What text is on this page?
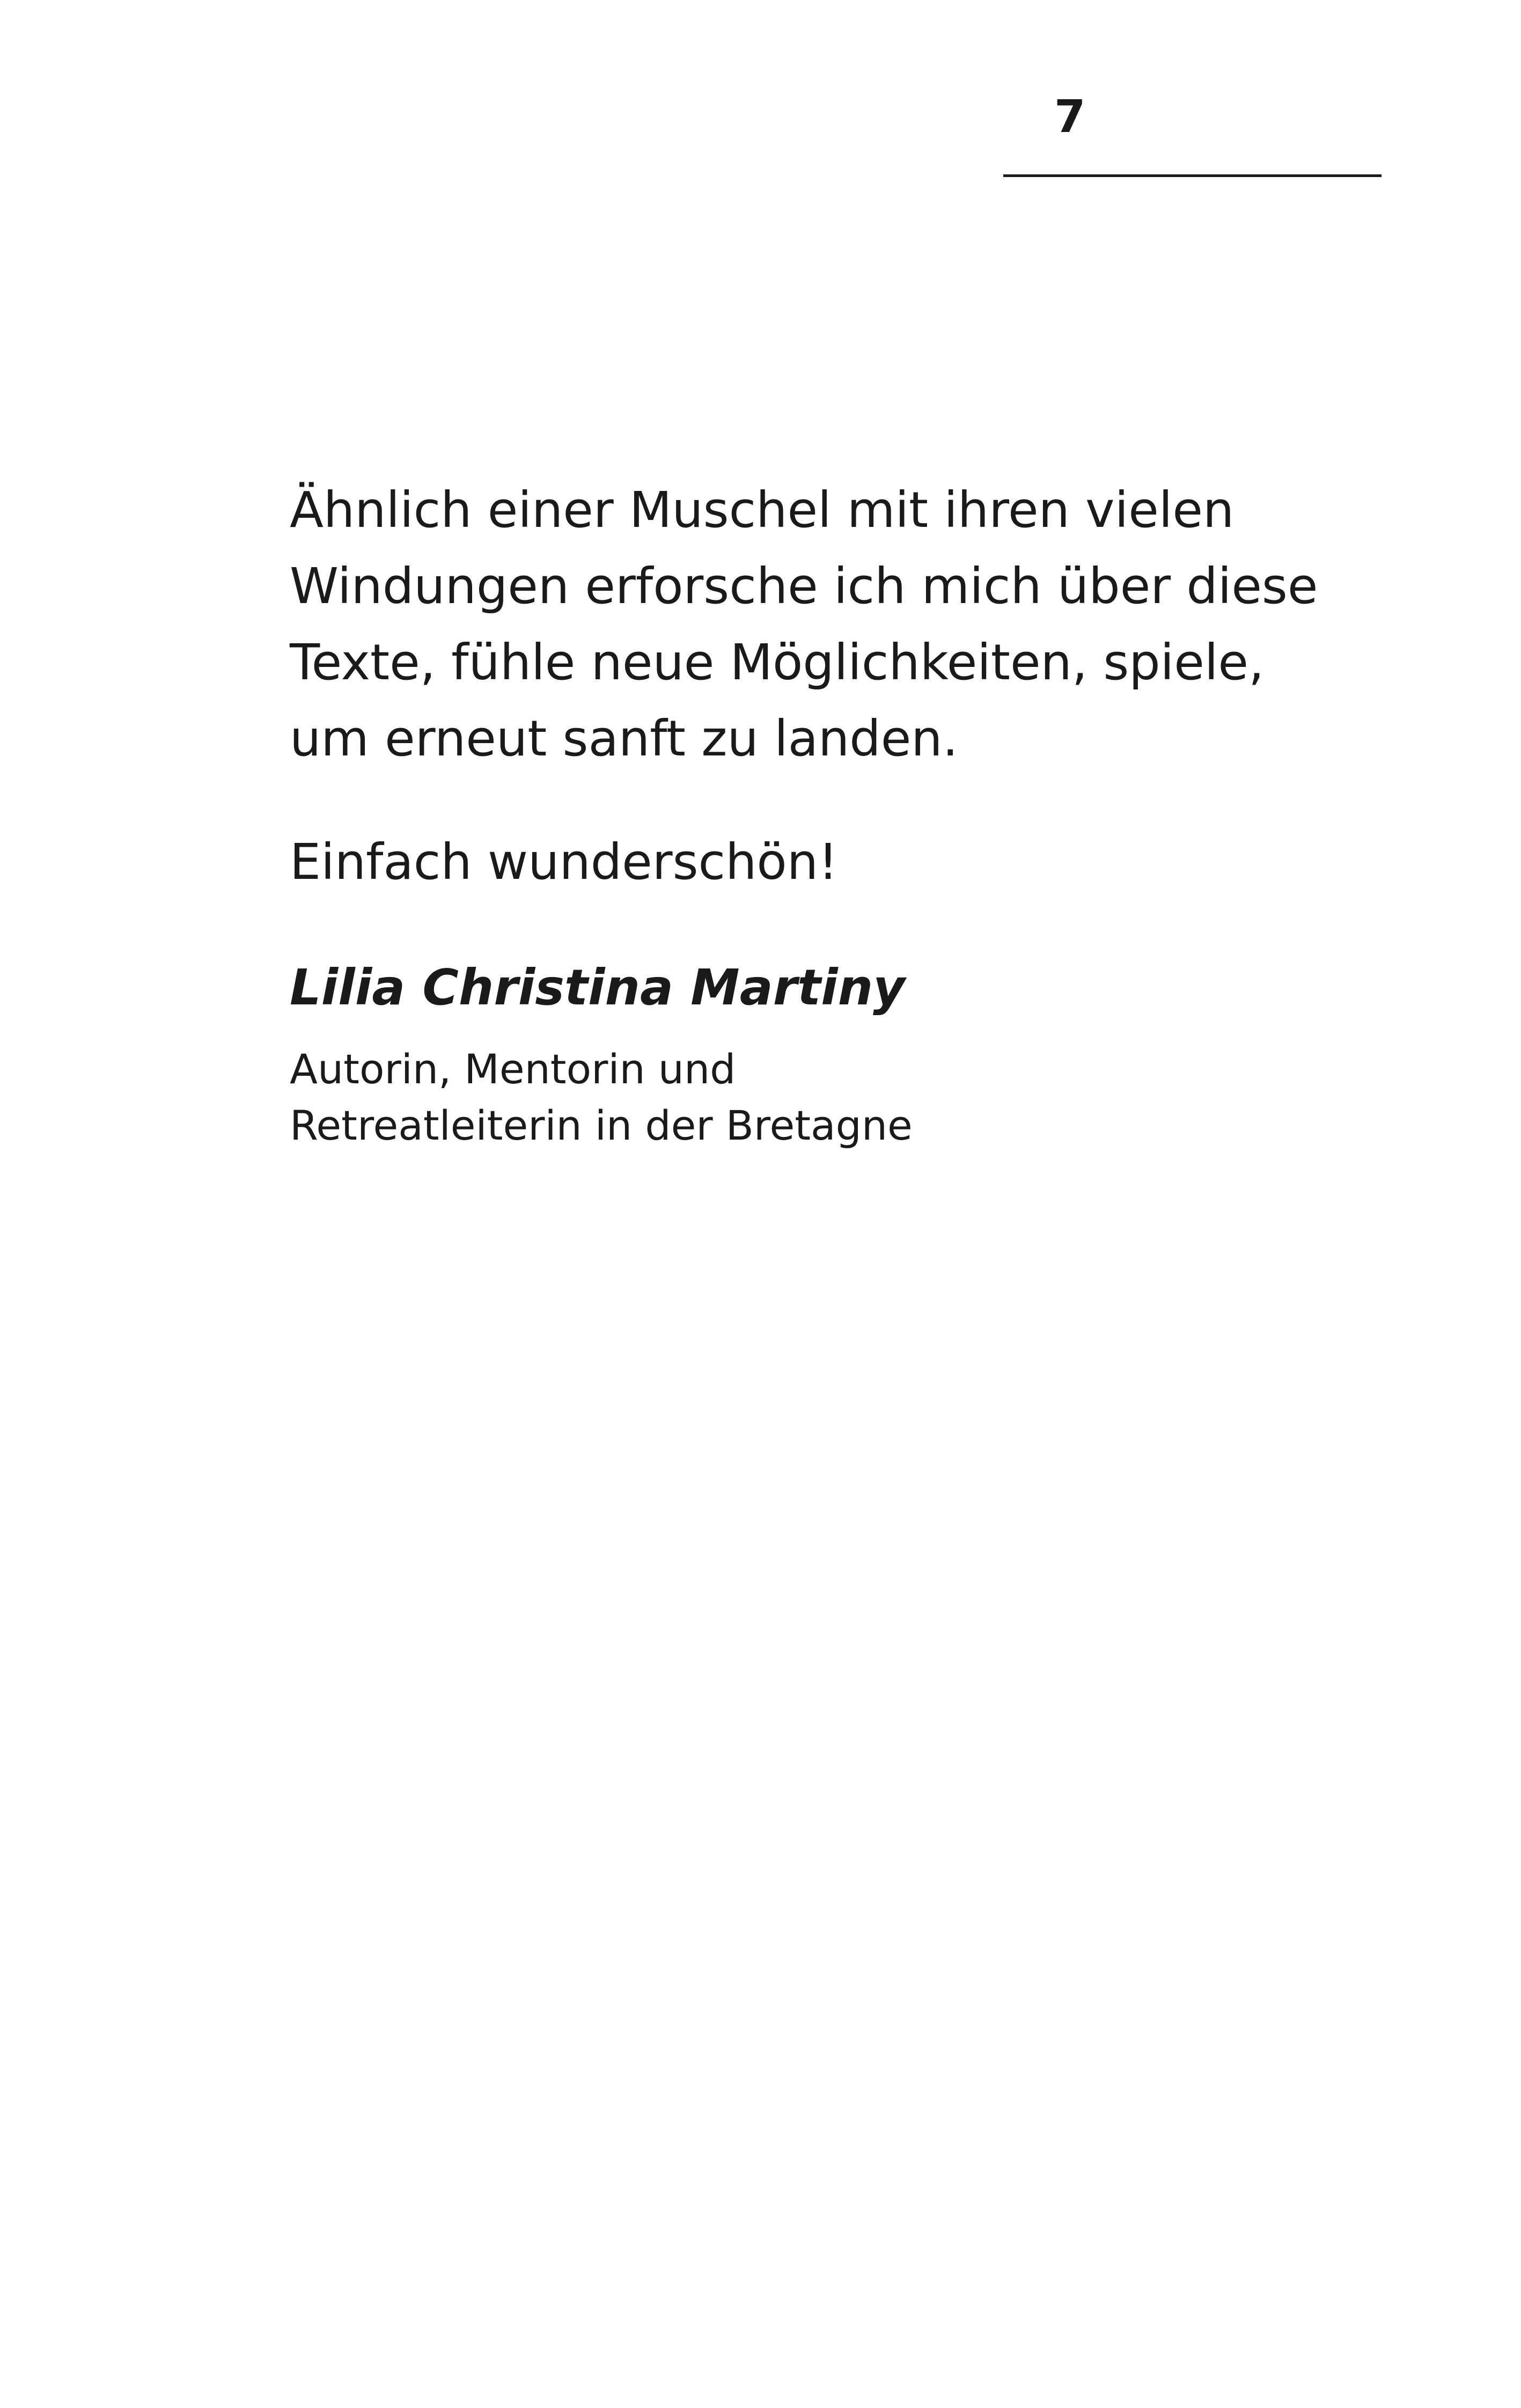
7

Ähnlich einer Muschel mit ihren vielen
Windungen erforsche ich mich über diese
Texte, fühle neue Möglichkeiten, spiele,
um erneut sanft zu landen.

Einfach wunderschön!

Lilia Christina Martiny

Autorin, Mentorin und
Retreatleiterin in der Bretagne
